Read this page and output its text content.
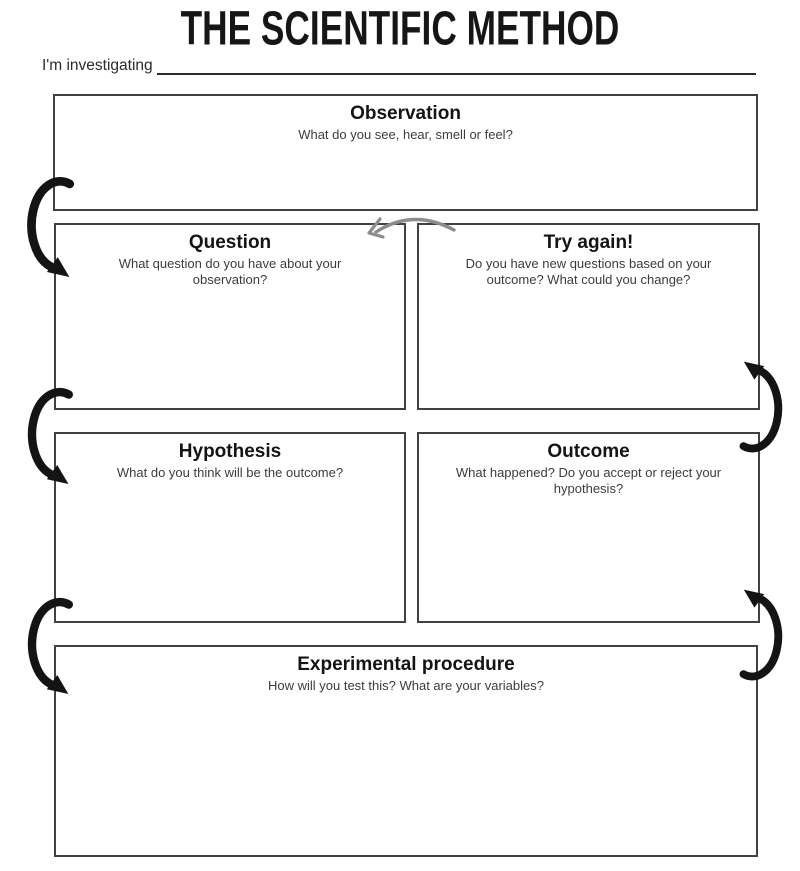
THE SCIENTIFIC METHOD
I'm investigating
Observation

What do you see, hear, smell or feel?

Question

What question do you have about your observation?

Try again!

Do you have new questions based on your outcome? What could you change?

Hypothesis

What do you think will be the outcome?

Outcome

What happened? Do you accept or reject your hypothesis?

Experimental procedure

How will you test this? What are your variables?
